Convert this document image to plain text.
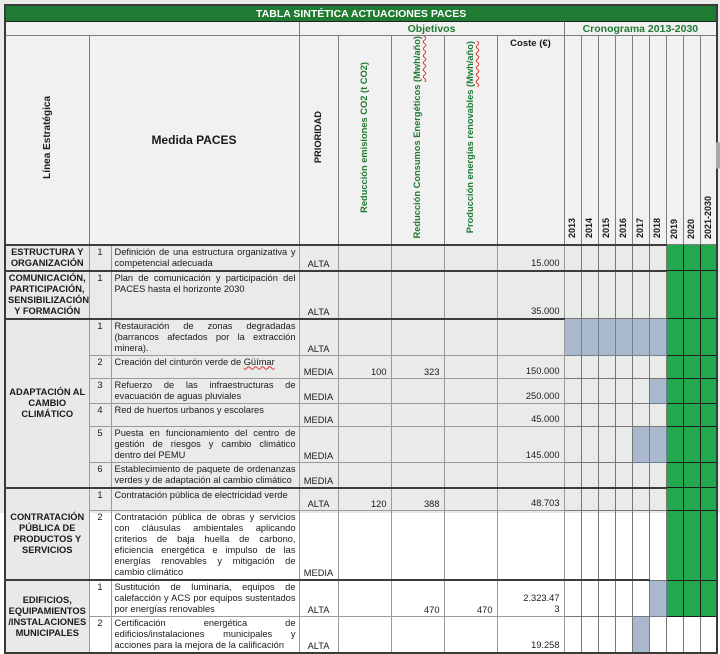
TABLA SINTÉTICA ACTUACIONES PACES																
			Objetivos					Cronograma 2013-2030								
Línea Estratégica	Medida PACES		PRIORIDAD	Reducción emisiones CO2 (t CO2)	Reducción Consumos Energéticos (Mwh/año)	Producción energías renovables (Mwh/año)	Coste (€)	2013	2014	2015	2016	2017	2018	2019	2020	2021-2030
ESTRUCTURA Y ORGANIZACIÓN	1	Definición de una estructura organizativa y competencial adecuada	ALTA				15.000									
COMUNICACIÓN, PARTICIPACIÓN, SENSIBILIZACIÓN Y FORMACIÓN	1	Plan de comunicación y participación del PACES hasta el horizonte 2030	ALTA				35.000									
ADAPTACIÓN AL CAMBIO CLIMÁTICO	1	Restauración de zonas degradadas (barrancos afectados por la extracción minera).	ALTA													
	2	Creación del cinturón verde de Güímar	MEDIA	100	323		150.000									
	3	Refuerzo de las infraestructuras de evacuación de aguas pluviales	MEDIA				250.000									
	4	Red de huertos urbanos y escolares	MEDIA				45.000									
	5	Puesta en funcionamiento del centro de gestión de riesgos y cambio climático dentro del PEMU	MEDIA				145.000									
	6	Establecimiento de paquete de ordenanzas verdes y de adaptación al cambio climático	MEDIA													
CONTRATACIÓN PÚBLICA DE PRODUCTOS Y SERVICIOS	1	Contratación pública de electricidad verde	ALTA	120	388		48.703									
	2	Contratación pública de obras y servicios con cláusulas ambientales aplicando criterios de baja huella de carbono, eficiencia energética e impulso de las energías renovables y mitigación de cambio climático	MEDIA													
EDIFICIOS, EQUIPAMIENTOS /INSTALACIONES MUNICIPALES	1	Sustitución de luminaria, equipos de calefacción y ACS por equipos sustentados por energías renovables	ALTA		470	470	2.323.47
3									
	2	Certificación energética de edificios/instalaciones municipales y acciones para la mejora de la calificación	ALTA				19.258									
